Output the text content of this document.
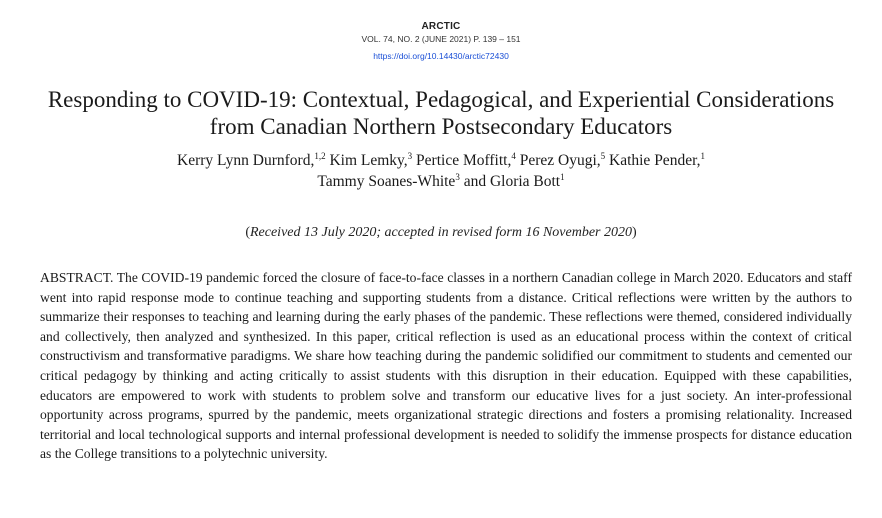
ARCTIC
VOL. 74, NO. 2 (JUNE 2021) P. 139 – 151
https://doi.org/10.14430/arctic72430
Responding to COVID-19: Contextual, Pedagogical, and Experiential Considerations
from Canadian Northern Postsecondary Educators
Kerry Lynn Durnford,$^{1,2}$ Kim Lemky,$^3$ Pertice Moffitt,$^4$ Perez Oyugi,$^5$ Kathie Pender,$^1$
Tammy Soanes-White$^3$ and Gloria Bott$^1$
(Received 13 July 2020; accepted in revised form 16 November 2020)
ABSTRACT. The COVID-19 pandemic forced the closure of face-to-face classes in a northern Canadian college in March 2020. Educators and staff went into rapid response mode to continue teaching and supporting students from a distance. Critical reflections were written by the authors to summarize their responses to teaching and learning during the early phases of the pandemic. These reflections were themed, considered individually and collectively, then analyzed and synthesized. In this paper, critical reflection is used as an educational process within the context of critical constructivism and transformative paradigms. We share how teaching during the pandemic solidified our commitment to students and cemented our critical pedagogy by thinking and acting critically to assist students with this disruption in their education. Equipped with these capabilities, educators are empowered to work with students to problem solve and transform our educative lives for a just society. An inter-professional opportunity across programs, spurred by the pandemic, meets organizational strategic directions and fosters a promising relationality. Increased territorial and local technological supports and internal professional development is needed to solidify the immense prospects for distance education as the College transitions to a polytechnic university.
